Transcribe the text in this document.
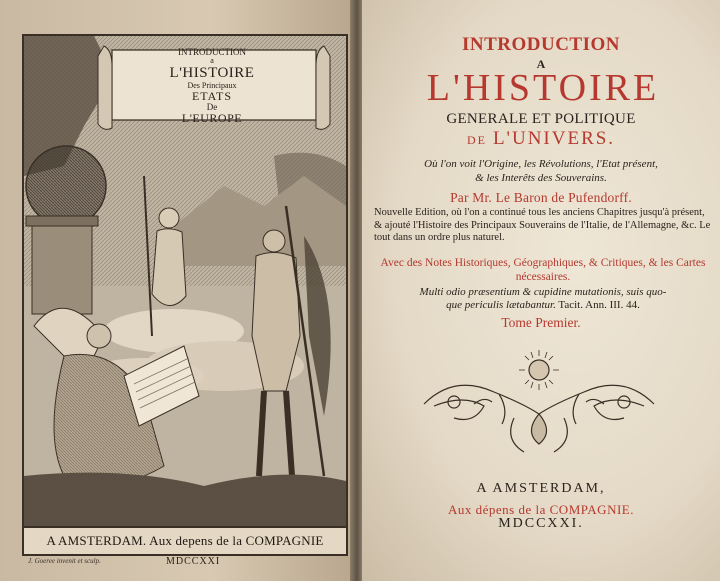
INTRODUCTION
a
L'HISTOIRE
Des Principaux
ETATS
De
L'EUROPE
A AMSTERDAM. Aux depens de la COMPAGNIE
J. Goeree invenit et sculp.	MDCCXXI
INTRODUCTION
A
L'HISTOIRE
GENERALE ET POLITIQUE
DE L'UNIVERS.
Où l'on voit l'Origine, les Révolutions, l'Etat présent,
& les Interêts des Souverains.
Par Mr. Le Baron de Pufendorff.
Nouvelle Edition, où l'on a continué tous les anciens Chapitres jusqu'à présent, & ajouté l'Histoire des Principaux Souverains de l'Italie, de l'Allemagne, &c. Le tout dans un ordre plus naturel.
Avec des Notes Historiques, Géographiques, & Critiques, & les Cartes nécessaires.
Multi odio præsentium & cupidine mutationis, suis quo-
que periculis lætabantur. Tacit. Ann. III. 44.
Tome Premier.
A AMSTERDAM,
Aux dépens de la COMPAGNIE.
MDCCXXI.
